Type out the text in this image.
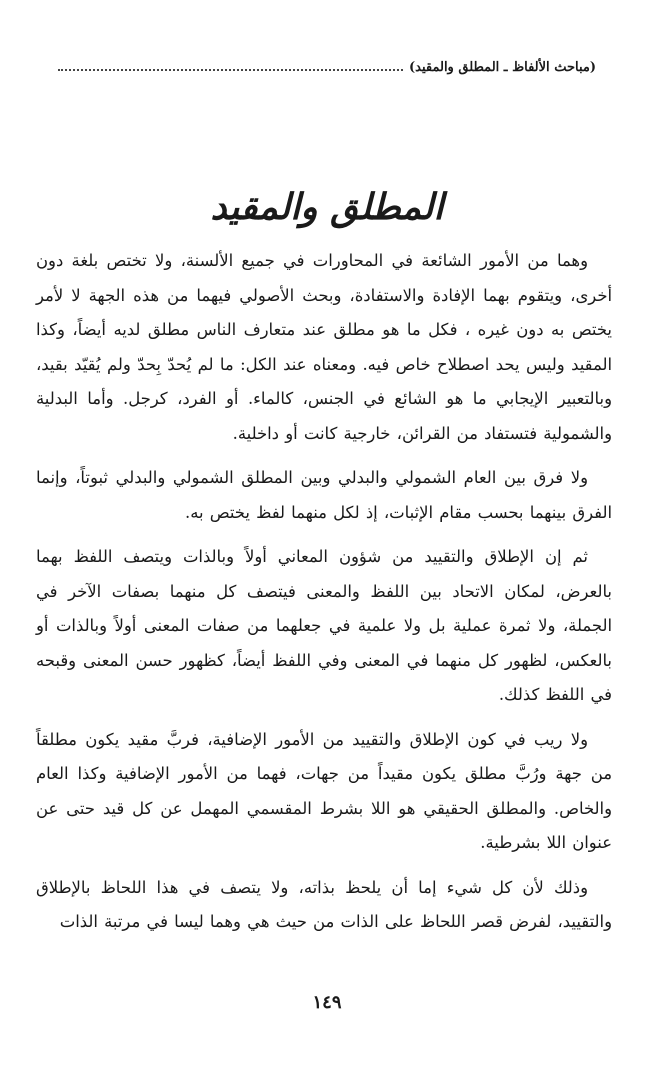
(مباحث الألفاظ ـ المطلق والمقيد)
المطلق والمقيد

وهما من الأمور الشائعة في المحاورات في جميع الألسنة، ولا تختص بلغة دون أخرى، ويتقوم بهما الإفادة والاستفادة، وبحث الأصولي فيهما من هذه الجهة لا لأمر يختص به دون غيره ، فكل ما هو مطلق عند متعارف الناس مطلق لديه أيضاً، وكذا المقيد وليس يحد اصطلاح خاص فيه. ومعناه عند الكل: ما لم يُحدّ بِحدّ ولم يُقيّد بقيد، وبالتعبير الإيجابي ما هو الشائع في الجنس، كالماء. أو الفرد، كرجل. وأما البدلية والشمولية فتستفاد من القرائن، خارجية كانت أو داخلية.

ولا فرق بين العام الشمولي والبدلي وبين المطلق الشمولي والبدلي ثبوتاً، وإنما الفرق بينهما بحسب مقام الإثبات، إذ لكل منهما لفظ يختص به.

ثم إن الإطلاق والتقييد من شؤون المعاني أولاً وبالذات ويتصف اللفظ بهما بالعرض، لمكان الاتحاد بين اللفظ والمعنى فيتصف كل منهما بصفات الآخر في الجملة، ولا ثمرة عملية بل ولا علمية في جعلهما من صفات المعنى أولاً وبالذات أو بالعكس، لظهور كل منهما في المعنى وفي اللفظ أيضاً، كظهور حسن المعنى وقبحه في اللفظ كذلك.

ولا ريب في كون الإطلاق والتقييد من الأمور الإضافية، فربَّ مقيد يكون مطلقاً من جهة ورُبَّ مطلق يكون مقيداً من جهات، فهما من الأمور الإضافية وكذا العام والخاص. والمطلق الحقيقي هو اللا بشرط المقسمي المهمل عن كل قيد حتى عن عنوان اللا بشرطية.

وذلك لأن كل شيء إما أن يلحظ بذاته، ولا يتصف في هذا اللحاظ بالإطلاق والتقييد، لفرض قصر اللحاظ على الذات من حيث هي وهما ليسا في مرتبة الذات

١٤٩
